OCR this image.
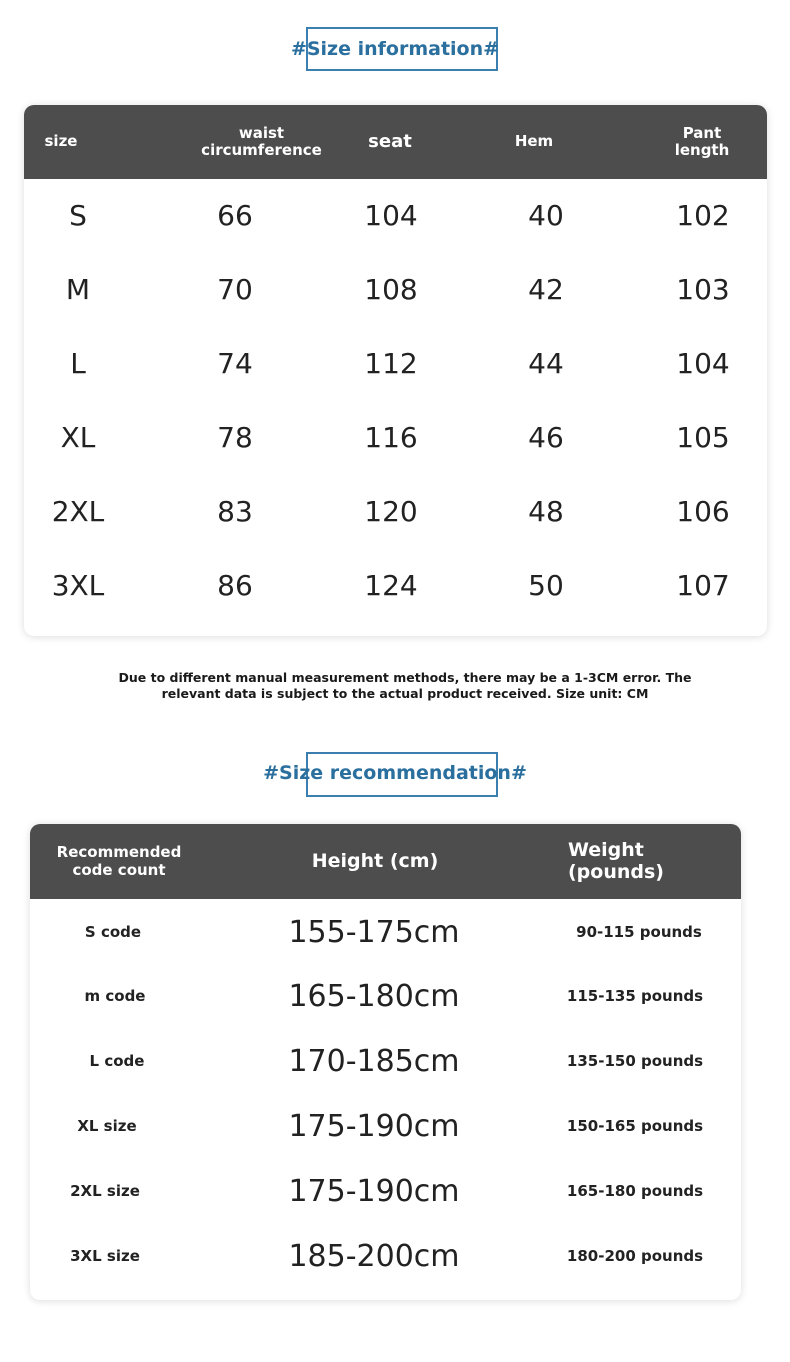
#Size information#
size	waist circumference	seat	Hem	Pant length
S	66	104	40	102
M	70	108	42	103
L	74	112	44	104
XL	78	116	46	105
2XL	83	120	48	106
3XL	86	124	50	107
Due to different manual measurement methods, there may be a 1-3CM error. The relevant data is subject to the actual product received. Size unit: CM
#Size recommendation#
Recommended code count	Height (cm)	Weight (pounds)
S code	155-175cm	90-115 pounds
m code	165-180cm	115-135 pounds
L code	170-185cm	135-150 pounds
XL size	175-190cm	150-165 pounds
2XL size	175-190cm	165-180 pounds
3XL size	185-200cm	180-200 pounds
